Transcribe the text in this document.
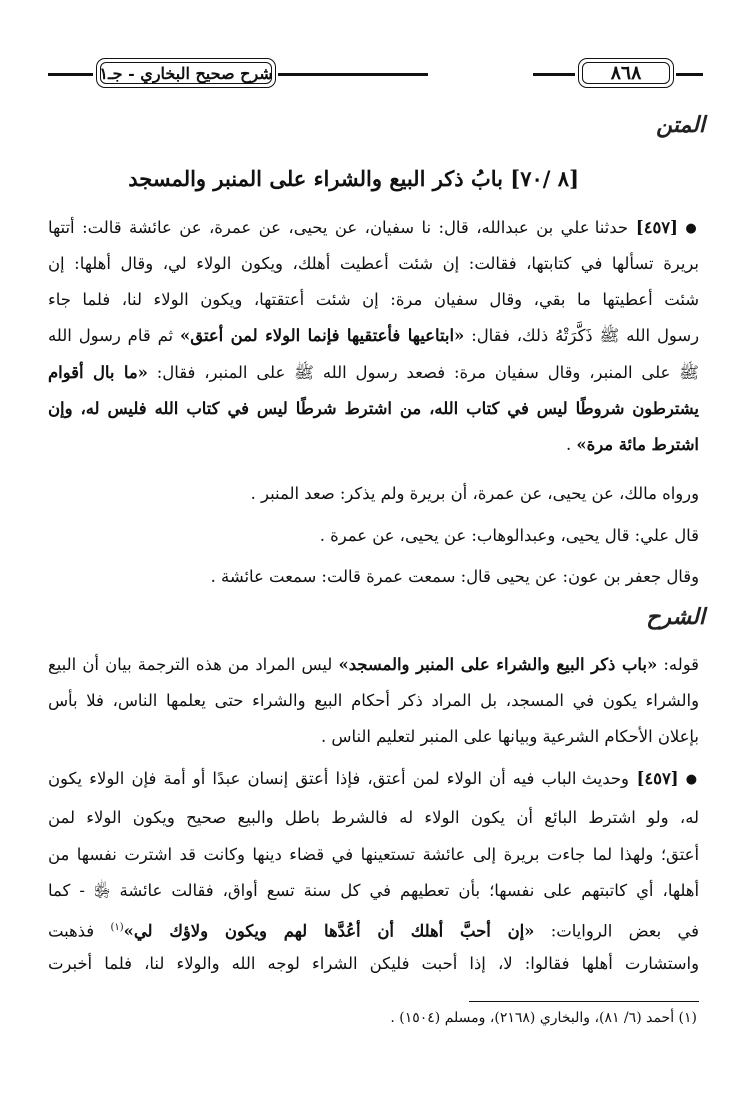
شرح صحيح البخاري - جـ١	٨٦٨
المتن
[٨ /٧٠] بابُ ذكر البيع والشراء على المنبر والمسجد
● [٤٥٧] حدثنا علي بن عبدالله، قال: نا سفيان، عن يحيى، عن عمرة، عن عائشة قالت: أتتها
بريرة تسألها في كتابتها، فقالت: إن شئت أعطيت أهلك، ويكون الولاء لي، وقال أهلها: إن
شئت أعطيتها ما بقي، وقال سفيان مرة: إن شئت أعتقتها، ويكون الولاء لنا، فلما جاء
رسول الله ﷺ ذَكَّرَتْهُ ذلك، فقال: «ابتاعيها فأعتقيها فإنما الولاء لمن أعتق» ثم قام رسول الله
ﷺ على المنبر، وقال سفيان مرة: فصعد رسول الله ﷺ على المنبر، فقال: «ما بال أقوام
يشترطون شروطًا ليس في كتاب الله، من اشترط شرطًا ليس في كتاب الله فليس له، وإن
اشترط مائة مرة» .
ورواه مالك، عن يحيى، عن عمرة، أن بريرة ولم يذكر: صعد المنبر .
قال علي: قال يحيى، وعبدالوهاب: عن يحيى، عن عمرة .
وقال جعفر بن عون: عن يحيى قال: سمعت عمرة قالت: سمعت عائشة .
الشرح
قوله: «باب ذكر البيع والشراء على المنبر والمسجد» ليس المراد من هذه الترجمة بيان أن البيع
والشراء يكون في المسجد، بل المراد ذكر أحكام البيع والشراء حتى يعلمها الناس، فلا بأس
بإعلان الأحكام الشرعية وبيانها على المنبر لتعليم الناس .
● [٤٥٧] وحديث الباب فيه أن الولاء لمن أعتق، فإذا أعتق إنسان عبدًا أو أمة فإن الولاء يكون
له، ولو اشترط البائع أن يكون الولاء له فالشرط باطل والبيع صحيح ويكون الولاء لمن
أعتق؛ ولهذا لما جاءت بريرة إلى عائشة تستعينها في قضاء دينها وكانت قد اشترت نفسها من
أهلها، أي كاتبتهم على نفسها؛ بأن تعطيهم في كل سنة تسع أواق، فقالت عائشة ﵂ - كما
في بعض الروايات: «إن أحبَّ أهلك أن أعُدَّها لهم ويكون ولاؤك لي»$^{(١)}$ فذهبت
واستشارت أهلها فقالوا: لا، إذا أحبت فليكن الشراء لوجه الله والولاء لنا، فلما أخبرت
(١) أحمد (٦/ ٨١)، والبخاري (٢١٦٨)، ومسلم (١٥٠٤) .
